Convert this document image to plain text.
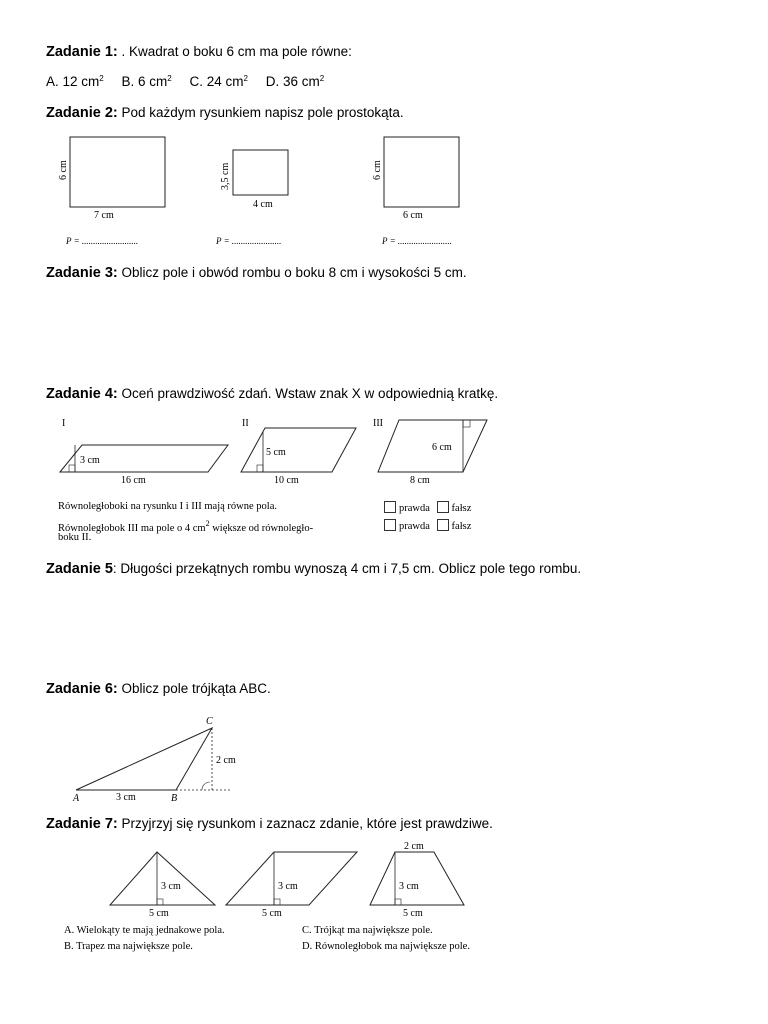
Zadanie 1: . Kwadrat o boku 6 cm ma pole równe:
A. 12 $cm^2$ B. 6 $cm^2$ C. 24 $cm^2$ D. 36 $cm^2$
Zadanie 2: Pod każdym rysunkiem napisz pole prostokąta.
6 cm
7 cm
P = .........................
3,5 cm
4 cm
P = ......................
6 cm
6 cm
P = ........................
I
3 cm
16 cm
II
5 cm
10 cm
III
6 cm
8 cm
C
A	B
2 cm
3 cm
3 cm
5 cm
3 cm
5 cm
2 cm
3 cm
5 cm
Zadanie 3: Oblicz pole i obwód rombu o boku 8 cm i wysokości 5 cm.
Zadanie 4: Oceń prawdziwość zdań. Wstaw znak X w odpowiednią kratkę.
Równoległoboki na rysunku I i III mają równe pola.
Równoległobok III ma pole o 4 $cm^2$ większe od równoległo-
boku II.
prawda fałsz
prawda fałsz
Zadanie 5: Długości przekątnych rombu wynoszą 4 cm i 7,5 cm. Oblicz pole tego rombu.
Zadanie 6: Oblicz pole trójkąta ABC.
Zadanie 7: Przyjrzyj się rysunkom i zaznacz zdanie, które jest prawdziwe.
A. Wielokąty te mają jednakowe pola.
B. Trapez ma największe pole.
C. Trójkąt ma największe pole.
D. Równoległobok ma największe pole.
